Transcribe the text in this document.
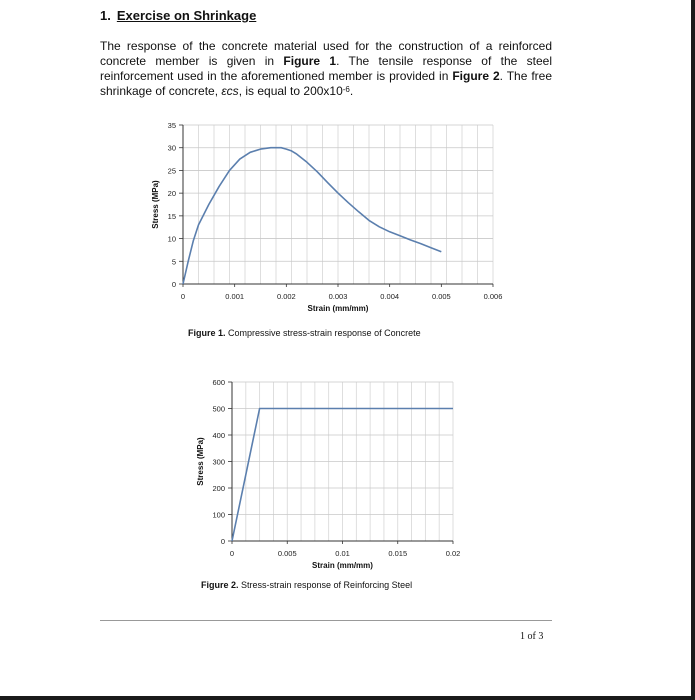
1. Exercise on Shrinkage
The response of the concrete material used for the construction of a reinforced concrete member is given in Figure 1. The tensile response of the steel reinforcement used in the aforementioned member is provided in Figure 2. The free shrinkage of concrete, εcs, is equal to $200x10^{-6}$.
0
5
10
15
20
25
30
35
0	0.001	0.002	0.003	0.004	0.005	0.006
Strain (mm/mm)
Stress (MPa)
Figure 1. Compressive stress-strain response of Concrete
0
100
200
300
400
500
600
0	0.005	0.01	0.015	0.02
Strain (mm/mm)
Stress (MPa)
Figure 2. Stress-strain response of Reinforcing Steel
1 of 3
